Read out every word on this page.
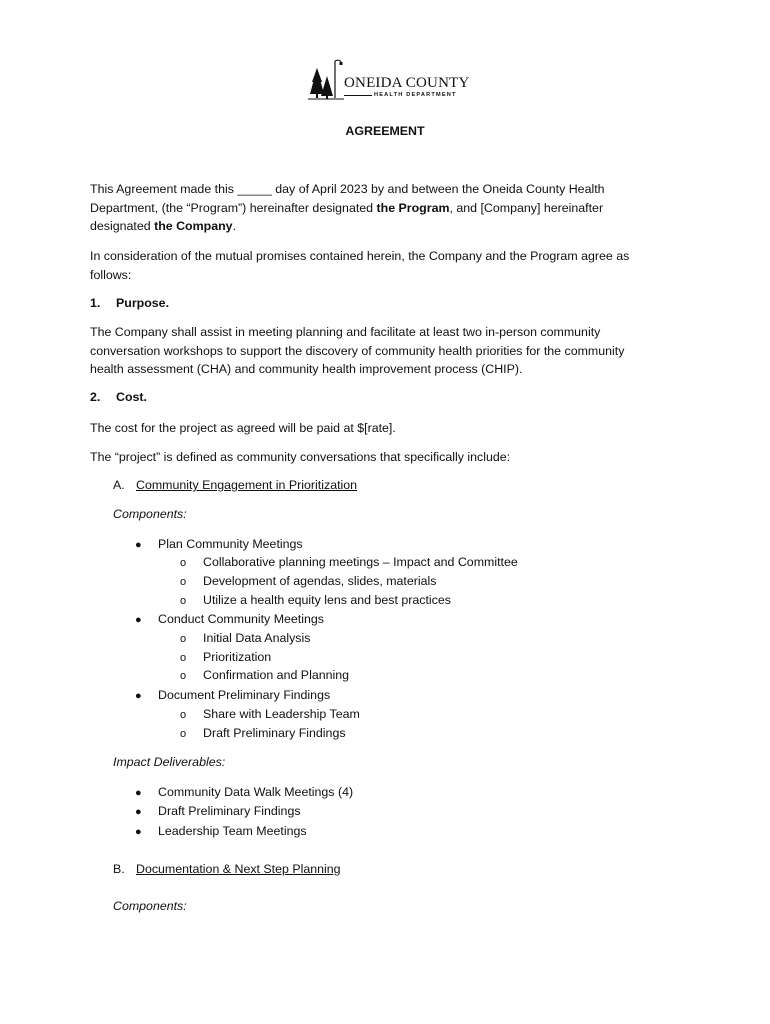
ONEIDA COUNTY
HEALTH DEPARTMENT
AGREEMENT

This Agreement made this _____ day of April 2023 by and between the Oneida County Health
Department, (the “Program”) hereinafter designated the Program, and [Company] hereinafter
designated the Company.

In consideration of the mutual promises contained herein, the Company and the Program agree as
follows:

1. Purpose.

The Company shall assist in meeting planning and facilitate at least two in-person community
conversation workshops to support the discovery of community health priorities for the community
health assessment (CHA) and community health improvement process (CHIP).

2. Cost.

The cost for the project as agreed will be paid at $[rate].

The “project” is defined as community conversations that specifically include:

A. Community Engagement in Prioritization

Components:

● Plan Community Meetings

o Collaborative planning meetings – Impact and Committee

o Development of agendas, slides, materials

o Utilize a health equity lens and best practices

● Conduct Community Meetings

o Initial Data Analysis

o Prioritization

o Confirmation and Planning

● Document Preliminary Findings

o Share with Leadership Team

o Draft Preliminary Findings

Impact Deliverables:

● Community Data Walk Meetings (4)

● Draft Preliminary Findings

● Leadership Team Meetings

B. Documentation & Next Step Planning

Components:
